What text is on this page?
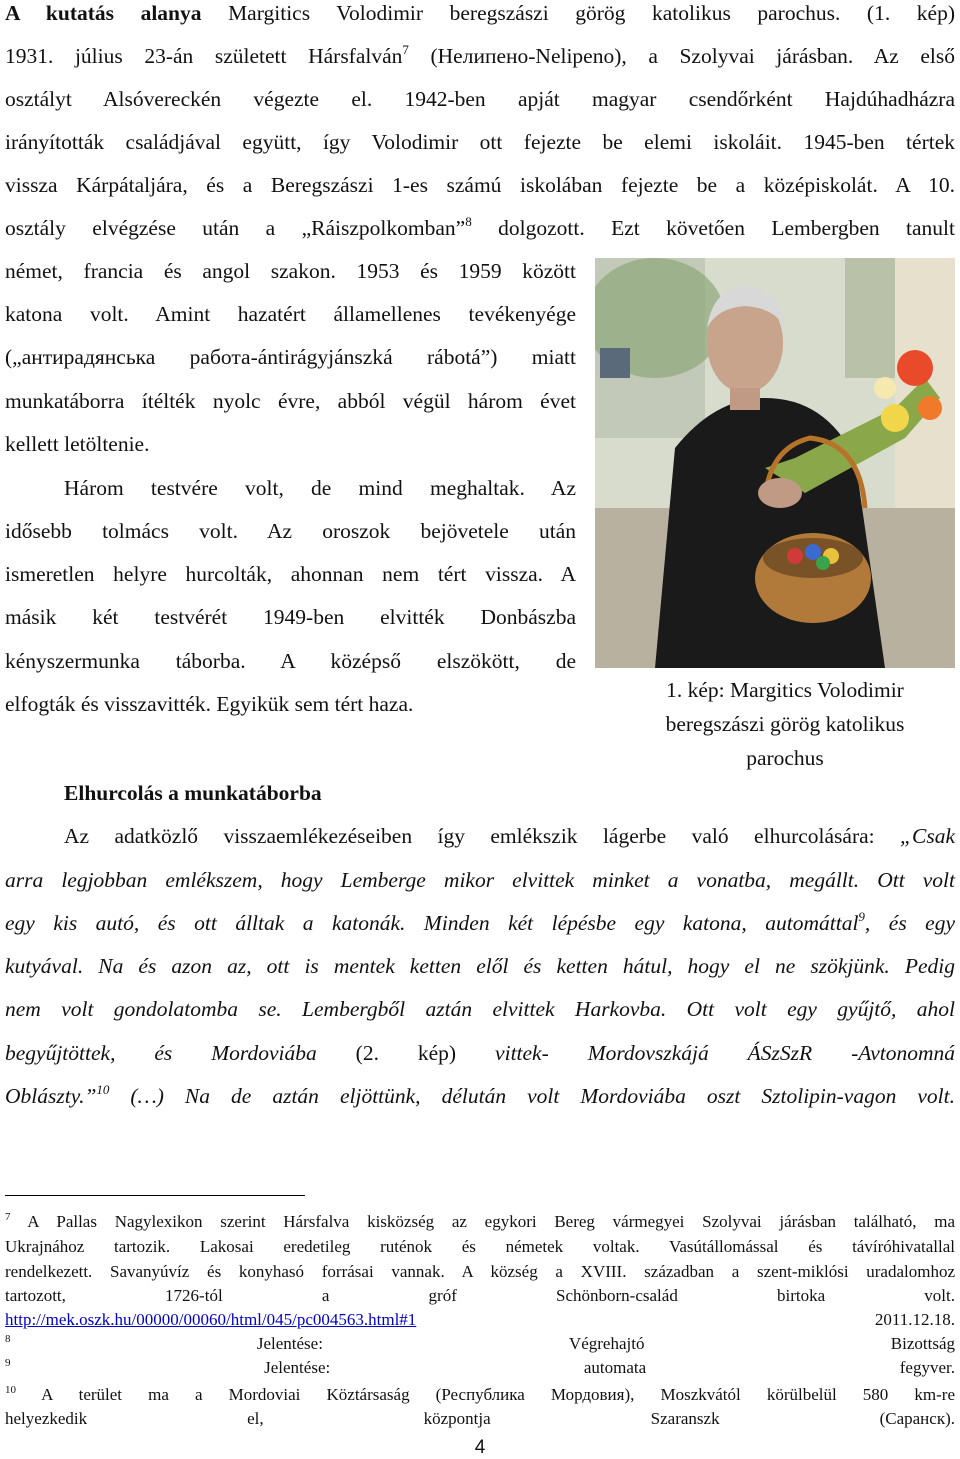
A kutatás alanya Margitics Volodimir beregszászi görög katolikus parochus. (1. kép)
1931. július 23-án született Hársfalván$^7$ (Нелипено-Nelipeno), a Szolyvai járásban. Az első
osztályt Alsóvereckén végezte el. 1942-ben apját magyar csendőrként Hajdúhadházra
irányították családjával együtt, így Volodimir ott fejezte be elemi iskoláit. 1945-ben tértek
vissza Kárpátaljára, és a Beregszászi 1-es számú iskolában fejezte be a középiskolát. A 10.
osztály elvégzése után a „Ráiszpolkomban”$^8$ dolgozott. Ezt követően Lembergben tanult
német, francia és angol szakon. 1953 és 1959 között
katona volt. Amint hazatért államellenes tevékenyége
(„антирадянська работа-ántirágyjánszká rábotá”) miatt
munkatáborra ítélték nyolc évre, abból végül három évet
kellett letöltenie.
Három testvére volt, de mind meghaltak. Az
idősebb tolmács volt. Az oroszok bejövetele után
ismeretlen helyre hurcolták, ahonnan nem tért vissza. A
másik két testvérét 1949-ben elvitték Donbászba
kényszermunka táborba. A középső elszökött, de
elfogták és visszavitték. Egyikük sem tért haza.
1. kép: Margitics Volodimir
beregszászi görög katolikus
parochus
Elhurcolás a munkatáborba
Az adatközlő visszaemlékezéseiben így emlékszik lágerbe való elhurcolására: „Csak
arra legjobban emlékszem, hogy Lemberge mikor elvittek minket a vonatba, megállt. Ott volt
egy kis autó, és ott álltak a katonák. Minden két lépésbe egy katona, automáttal$^9$, és egy
kutyával. Na és azon az, ott is mentek ketten elől és ketten hátul, hogy el ne szökjünk. Pedig
nem volt gondolatomba se. Lembergből aztán elvittek Harkovba. Ott volt egy gyűjtő, ahol
begyűjtöttek, és Mordoviába (2. kép) vittek- Mordovszkájá ÁSzSzR -Avtonomná
Oblászty.”$^{10}$ (…) Na de aztán eljöttünk, délután volt Mordoviába oszt Sztolipin-vagon volt.
$^7$ A Pallas Nagylexikon szerint Hársfalva kisközség az egykori Bereg vármegyei Szolyvai járásban található, ma
Ukrajnához tartozik. Lakosai eredetileg ruténok és németek voltak. Vasútállomással és távíróhivatallal
rendelkezett. Savanyúvíz és konyhasó forrásai vannak. A község a XVIII. században a szent-miklósi uradalomhoz
tartozott, 1726-tól a gróf Schönborn-család birtoka volt.
http://mek.oszk.hu/00000/00060/html/045/pc004563.html#1 2011.12.18.
$^8$ Jelentése: Végrehajtó Bizottság
$^9$ Jelentése: automata fegyver.
$^{10}$ A terület ma a Mordoviai Köztársaság (Республика Мордовия), Moszkvától körülbelül 580 km-re
helyezkedik el, központja Szaranszk (Саранск).
4
